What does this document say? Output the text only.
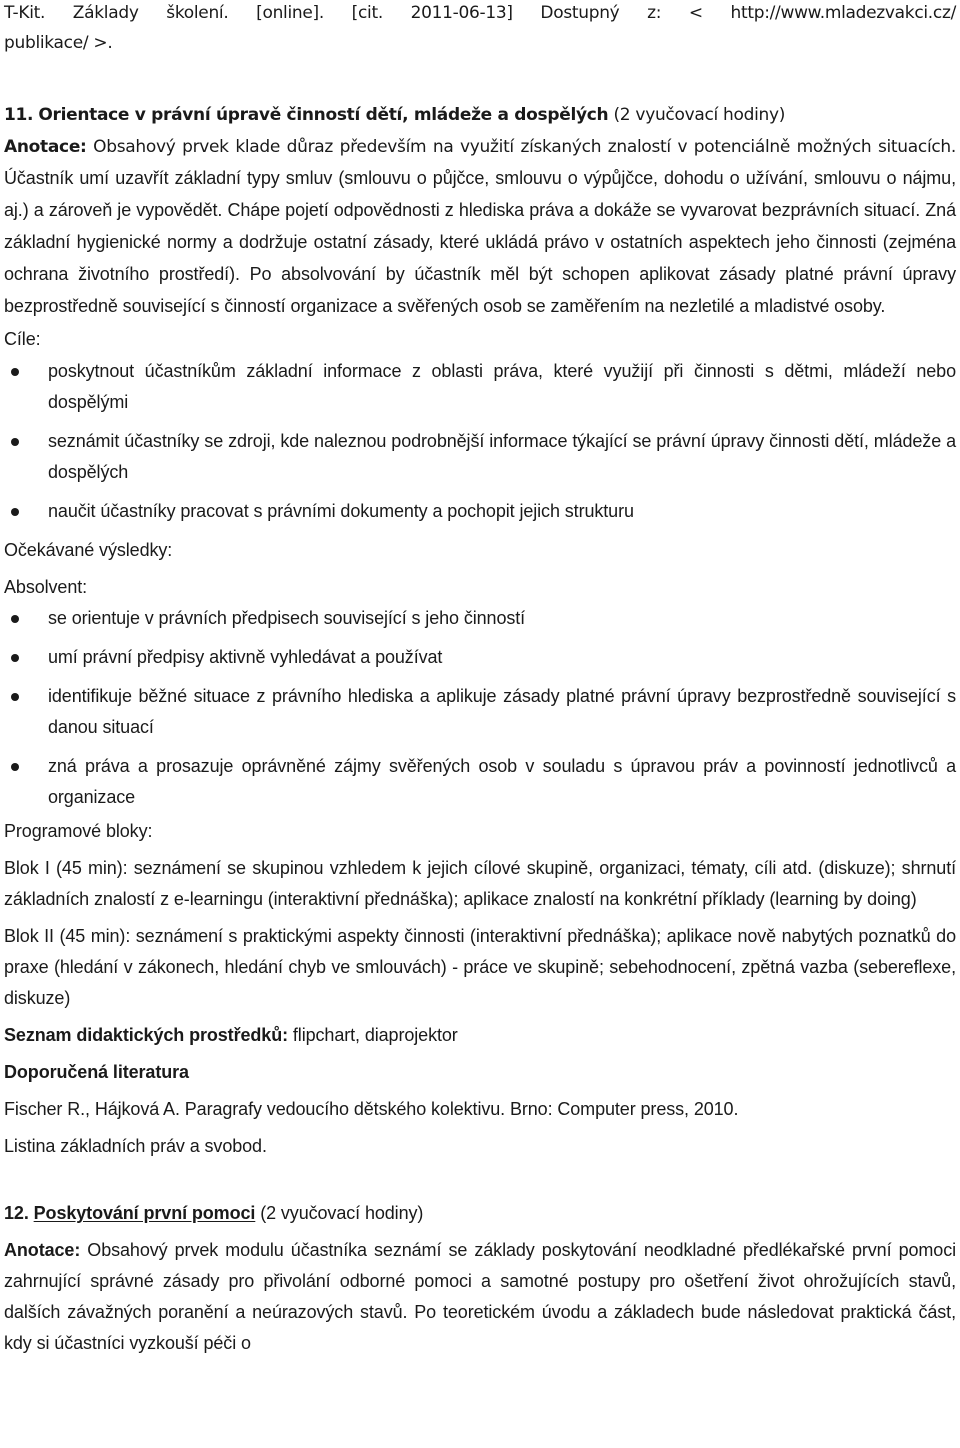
T-Kit. Základy školení. [online]. [cit. 2011-06-13] Dostupný z: < http://www.mladezvakci.cz/

publikace/ >.

11. Orientace v právní úpravě činností dětí, mládeže a dospělých (2 vyučovací hodiny)

Anotace: Obsahový prvek klade důraz především na využití získaných znalostí v potenciálně možných situacích. Účastník umí uzavřít základní typy smluv (smlouvu o půjčce, smlouvu o výpůjčce, dohodu o užívání, smlouvu o nájmu, aj.) a zároveň je vypovědět. Chápe pojetí odpovědnosti z hlediska práva a dokáže se vyvarovat bezprávních situací. Zná základní hygienické normy a dodržuje ostatní zásady, které ukládá právo v ostatních aspektech jeho činnosti (zejména ochrana životního prostředí). Po absolvování by účastník měl být schopen aplikovat zásady platné právní úpravy bezprostředně související s činností organizace a svěřených osob se zaměřením na nezletilé a mladistvé osoby.

Cíle:

poskytnout účastníkům základní informace z oblasti práva, které využijí při činnosti s dětmi, mládeží nebo dospělými
seznámit účastníky se zdroji, kde naleznou podrobnější informace týkající se právní úpravy činnosti dětí, mládeže a dospělých
naučit účastníky pracovat s právními dokumenty a pochopit jejich strukturu

Očekávané výsledky:

Absolvent:

se orientuje v právních předpisech související s jeho činností
umí právní předpisy aktivně vyhledávat a používat
identifikuje běžné situace z právního hlediska a aplikuje zásady platné právní úpravy bezprostředně související s danou situací
zná práva a prosazuje oprávněné zájmy svěřených osob v souladu s úpravou práv a povinností jednotlivců a organizace

Programové bloky:

Blok I (45 min): seznámení se skupinou vzhledem k jejich cílové skupině, organizaci, tématy, cíli atd. (diskuze); shrnutí základních znalostí z e-learningu (interaktivní přednáška); aplikace znalostí na konkrétní příklady (learning by doing)

Blok II (45 min): seznámení s praktickými aspekty činnosti (interaktivní přednáška); aplikace nově nabytých poznatků do praxe (hledání v zákonech, hledání chyb ve smlouvách) - práce ve skupině; sebehodnocení, zpětná vazba (sebereflexe, diskuze)

Seznam didaktických prostředků: flipchart, diaprojektor

Doporučená literatura

Fischer R., Hájková A. Paragrafy vedoucího dětského kolektivu. Brno: Computer press, 2010.

Listina základních práv a svobod.

12. Poskytování první pomoci (2 vyučovací hodiny)

Anotace: Obsahový prvek modulu účastníka seznámí se základy poskytování neodkladné předlékařské první pomoci zahrnující správné zásady pro přivolání odborné pomoci a samotné postupy pro ošetření život ohrožujících stavů, dalších závažných poranění a neúrazových stavů. Po teoretickém úvodu a základech bude následovat praktická část, kdy si účastníci vyzkouší péči o
